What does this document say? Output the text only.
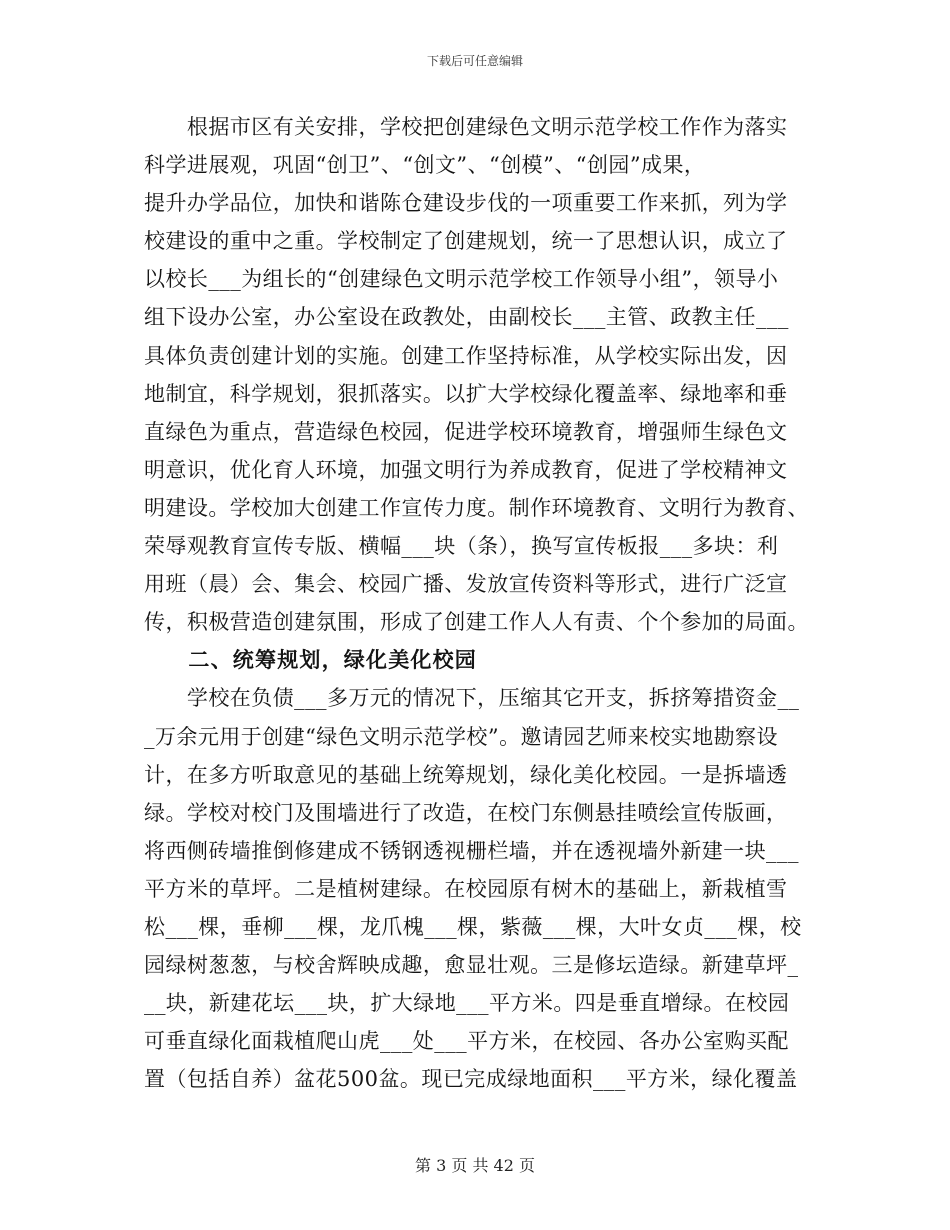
下载后可任意编辑
　　根据市区有关安排，学校把创建绿色文明示范学校工作作为落实
科学进展观，巩固“创卫”、“创文”、“创模”、“创园”成果，
提升办学品位，加快和谐陈仓建设步伐的一项重要工作来抓，列为学
校建设的重中之重。学校制定了创建规划，统一了思想认识，成立了
以校长___为组长的“创建绿色文明示范学校工作领导小组”，领导小
组下设办公室，办公室设在政教处，由副校长___主管、政教主任___
具体负责创建计划的实施。创建工作坚持标准，从学校实际出发，因
地制宜，科学规划，狠抓落实。以扩大学校绿化覆盖率、绿地率和垂
直绿色为重点，营造绿色校园，促进学校环境教育，增强师生绿色文
明意识，优化育人环境，加强文明行为养成教育，促进了学校精神文
明建设。学校加大创建工作宣传力度。制作环境教育、文明行为教育、
荣辱观教育宣传专版、横幅___块（条），换写宣传板报___多块：利
用班（晨）会、集会、校园广播、发放宣传资料等形式，进行广泛宣
传，积极营造创建氛围，形成了创建工作人人有责、个个参加的局面。
　　二、统筹规划，绿化美化校园
　　学校在负债___多万元的情况下，压缩其它开支，拆挤筹措资金__
_万余元用于创建“绿色文明示范学校”。邀请园艺师来校实地勘察设
计，在多方听取意见的基础上统筹规划，绿化美化校园。一是拆墙透
绿。学校对校门及围墙进行了改造，在校门东侧悬挂喷绘宣传版画，
将西侧砖墙推倒修建成不锈钢透视栅栏墙，并在透视墙外新建一块___
平方米的草坪。二是植树建绿。在校园原有树木的基础上，新栽植雪
松___棵，垂柳___棵，龙爪槐___棵，紫薇___棵，大叶女贞___棵，校
园绿树葱葱，与校舍辉映成趣，愈显壮观。三是修坛造绿。新建草坪_
__块，新建花坛___块，扩大绿地___平方米。四是垂直增绿。在校园
可垂直绿化面栽植爬山虎___处___平方米，在校园、各办公室购买配
置（包括自养）盆花500盆。现已完成绿地面积___平方米，绿化覆盖
第 3 页 共 42 页
